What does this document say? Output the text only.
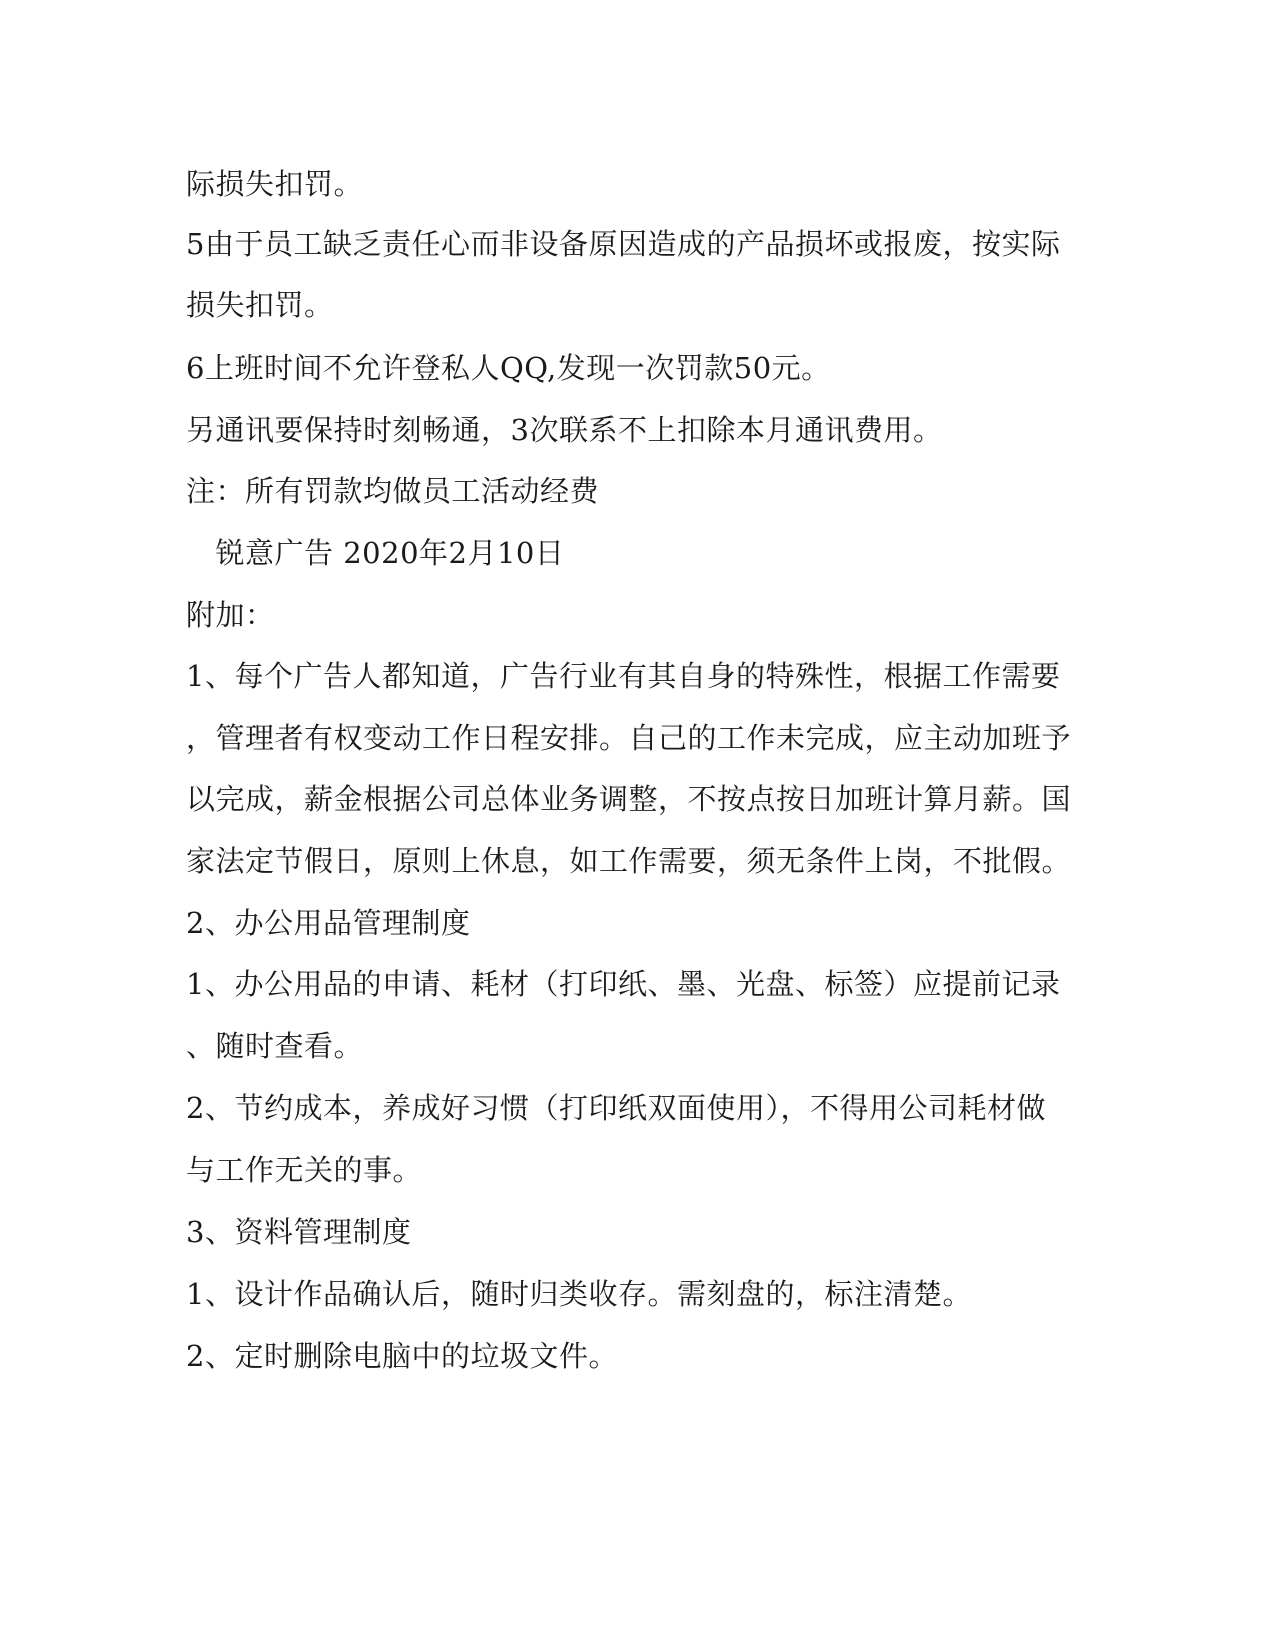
际损失扣罚。
5由于员工缺乏责任心而非设备原因造成的产品损坏或报废，按实际
损失扣罚。
6上班时间不允许登私人QQ,发现一次罚款50元。
另通讯要保持时刻畅通，3次联系不上扣除本月通讯费用。
注：所有罚款均做员工活动经费
　锐意广告 2020年2月10日
附加：
1、每个广告人都知道，广告行业有其自身的特殊性，根据工作需要
，管理者有权变动工作日程安排。自己的工作未完成，应主动加班予
以完成，薪金根据公司总体业务调整，不按点按日加班计算月薪。国
家法定节假日，原则上休息，如工作需要，须无条件上岗，不批假。
2、办公用品管理制度
1、办公用品的申请、耗材（打印纸、墨、光盘、标签）应提前记录
、随时查看。
2、节约成本，养成好习惯（打印纸双面使用），不得用公司耗材做
与工作无关的事。
3、资料管理制度
1、设计作品确认后，随时归类收存。需刻盘的，标注清楚。
2、定时删除电脑中的垃圾文件。
